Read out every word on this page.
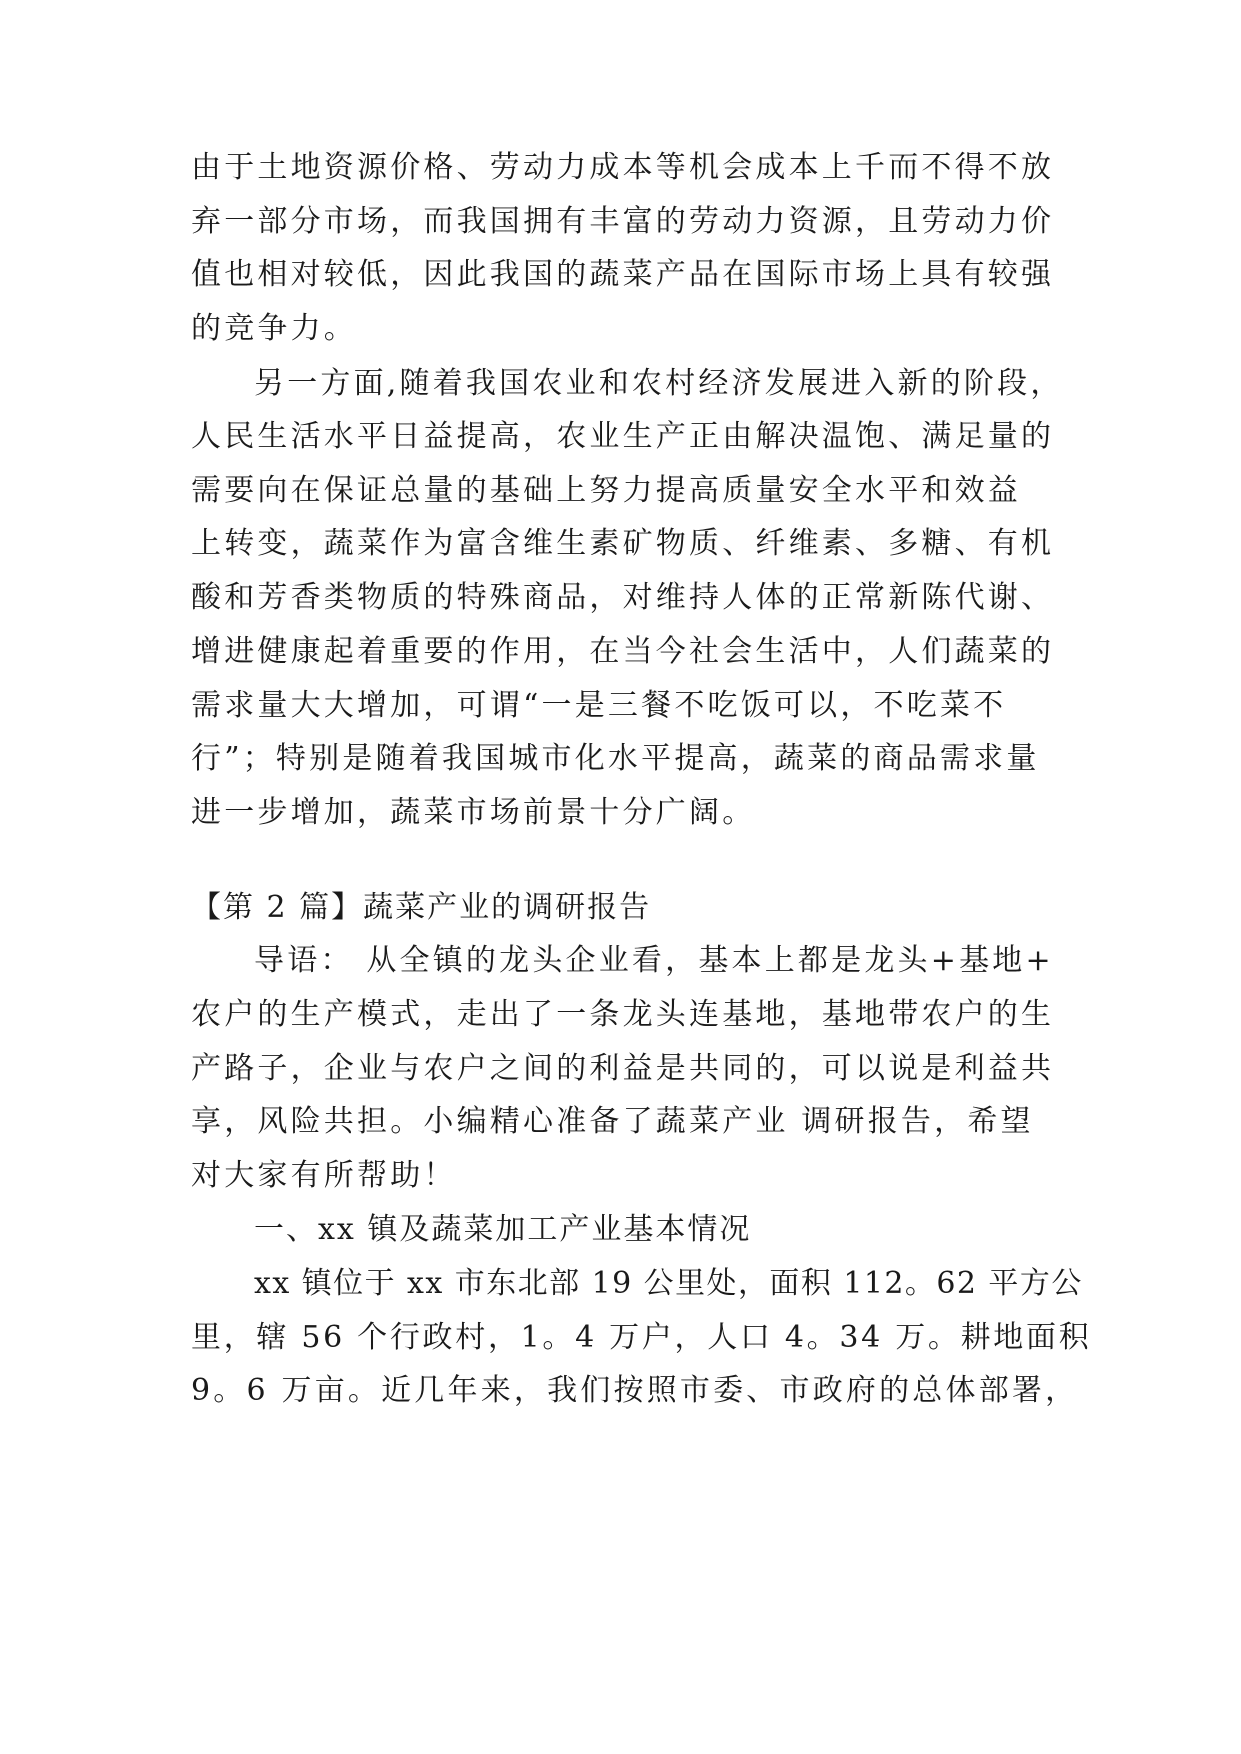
由于土地资源价格、劳动力成本等机会成本上千而不得不放
弃一部分市场，而我国拥有丰富的劳动力资源，且劳动力价
值也相对较低，因此我国的蔬菜产品在国际市场上具有较强
的竞争力。
另一方面,随着我国农业和农村经济发展进入新的阶段，
人民生活水平日益提高，农业生产正由解决温饱、满足量的
需要向在保证总量的基础上努力提高质量安全水平和效益
上转变，蔬菜作为富含维生素矿物质、纤维素、多糖、有机
酸和芳香类物质的特殊商品，对维持人体的正常新陈代谢、
增进健康起着重要的作用，在当今社会生活中，人们蔬菜的
需求量大大增加，可谓“一是三餐不吃饭可以，不吃菜不
行”；特别是随着我国城市化水平提高，蔬菜的商品需求量
进一步增加，蔬菜市场前景十分广阔。
【第 2 篇】蔬菜产业的调研报告
导语： 从全镇的龙头企业看，基本上都是龙头+基地+
农户的生产模式，走出了一条龙头连基地，基地带农户的生
产路子，企业与农户之间的利益是共同的，可以说是利益共
享，风险共担。小编精心准备了蔬菜产业 调研报告，希望
对大家有所帮助！
一、xx 镇及蔬菜加工产业基本情况
xx 镇位于 xx 市东北部 19 公里处，面积 112。62 平方公
里，辖 56 个行政村，1。4 万户，人口 4。34 万。耕地面积
9。6 万亩。近几年来，我们按照市委、市政府的总体部署，
